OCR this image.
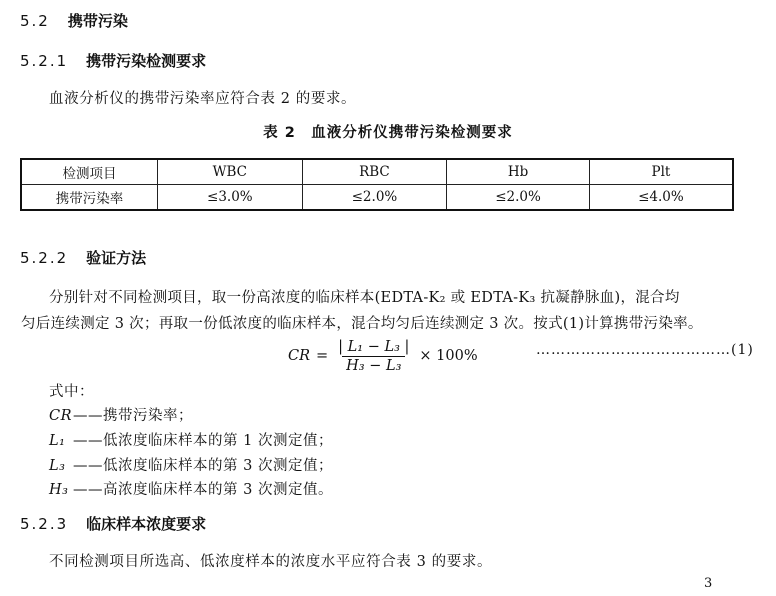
5.2 携带污染
5.2.1 携带污染检测要求
血液分析仪的携带污染率应符合表 2 的要求。
表 2　血液分析仪携带污染检测要求
检测项目	WBC	RBC	Hb	Plt
携带污染率	≤3.0%	≤2.0%	≤2.0%	≤4.0%
5.2.2 验证方法
分别针对不同检测项目，取一份高浓度的临床样本(EDTA-K₂ 或 EDTA-K₃ 抗凝静脉血)，混合均
匀后连续测定 3 次；再取一份低浓度的临床样本，混合均匀后连续测定 3 次。按式(1)计算携带污染率。
CR = $\frac{\text{| L₁ − L₃ |}}{\text{H₃ − L₃}} \times 100\%$	…………………………………(1)
式中：
CR——携带污染率；
L₁ ——低浓度临床样本的第 1 次测定值；
L₃ ——低浓度临床样本的第 3 次测定值；
H₃ ——高浓度临床样本的第 3 次测定值。
5.2.3 临床样本浓度要求
不同检测项目所选高、低浓度样本的浓度水平应符合表 3 的要求。
3
